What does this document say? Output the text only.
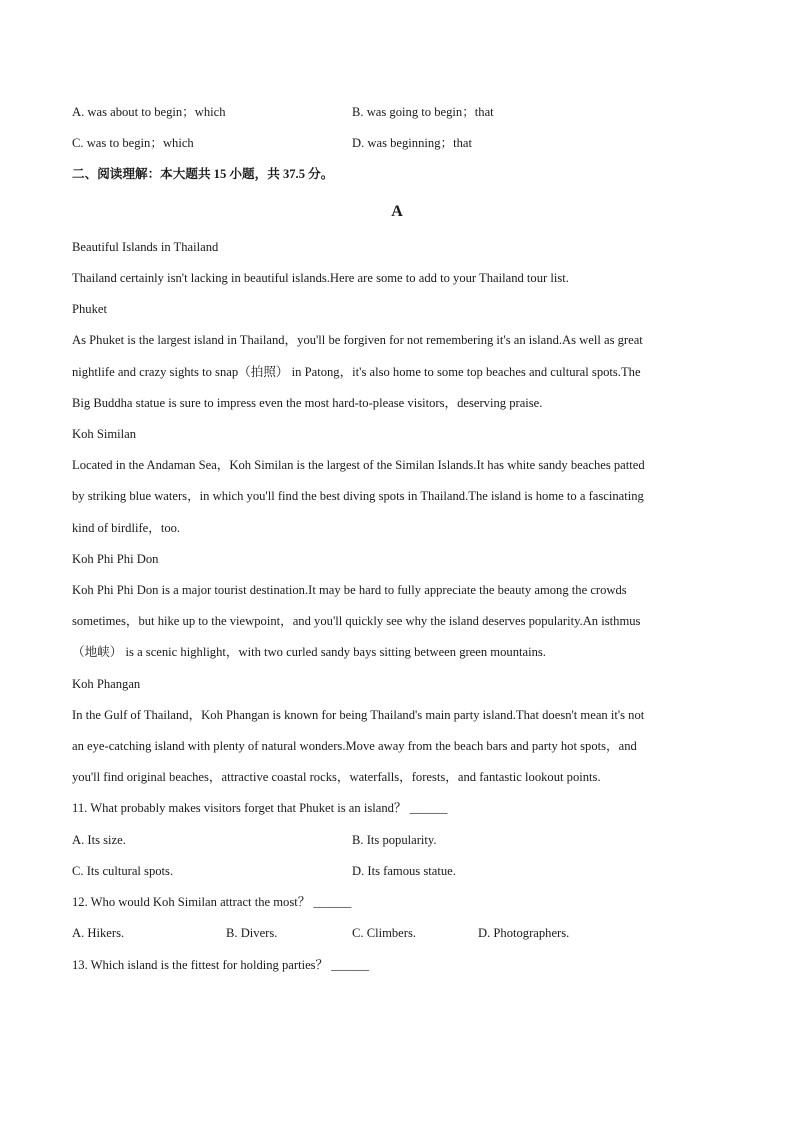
A. was about to begin；which	B. was going to begin；that
C. was to begin；which	D. was beginning；that
二、阅读理解：本大题共 15 小题，共 37.5 分。
A
Beautiful Islands in Thailand
Thailand certainly isn't lacking in beautiful islands.Here are some to add to your Thailand tour list.
Phuket
As Phuket is the largest island in Thailand，you'll be forgiven for not remembering it's an island.As well as great
nightlife and crazy sights to snap（拍照） in Patong，it's also home to some top beaches and cultural spots.The
Big Buddha statue is sure to impress even the most hard-to-please visitors，deserving praise.
Koh Similan
Located in the Andaman Sea，Koh Similan is the largest of the Similan Islands.It has white sandy beaches patted
by striking blue waters，in which you'll find the best diving spots in Thailand.The island is home to a fascinating
kind of birdlife，too.
Koh Phi Phi Don
Koh Phi Phi Don is a major tourist destination.It may be hard to fully appreciate the beauty among the crowds
sometimes，but hike up to the viewpoint，and you'll quickly see why the island deserves popularity.An isthmus
（地峡） is a scenic highlight，with two curled sandy bays sitting between green mountains.
Koh Phangan
In the Gulf of Thailand，Koh Phangan is known for being Thailand's main party island.That doesn't mean it's not
an eye-catching island with plenty of natural wonders.Move away from the beach bars and party hot spots，and
you'll find original beaches，attractive coastal rocks，waterfalls，forests，and fantastic lookout points.
11. What probably makes visitors forget that Phuket is an island？ ______
A. Its size.	B. Its popularity.
C. Its cultural spots.	D. Its famous statue.
12. Who would Koh Similan attract the most？ ______
A. Hikers.	B. Divers.	C. Climbers.	D. Photographers.
13. Which island is the fittest for holding parties？ ______
